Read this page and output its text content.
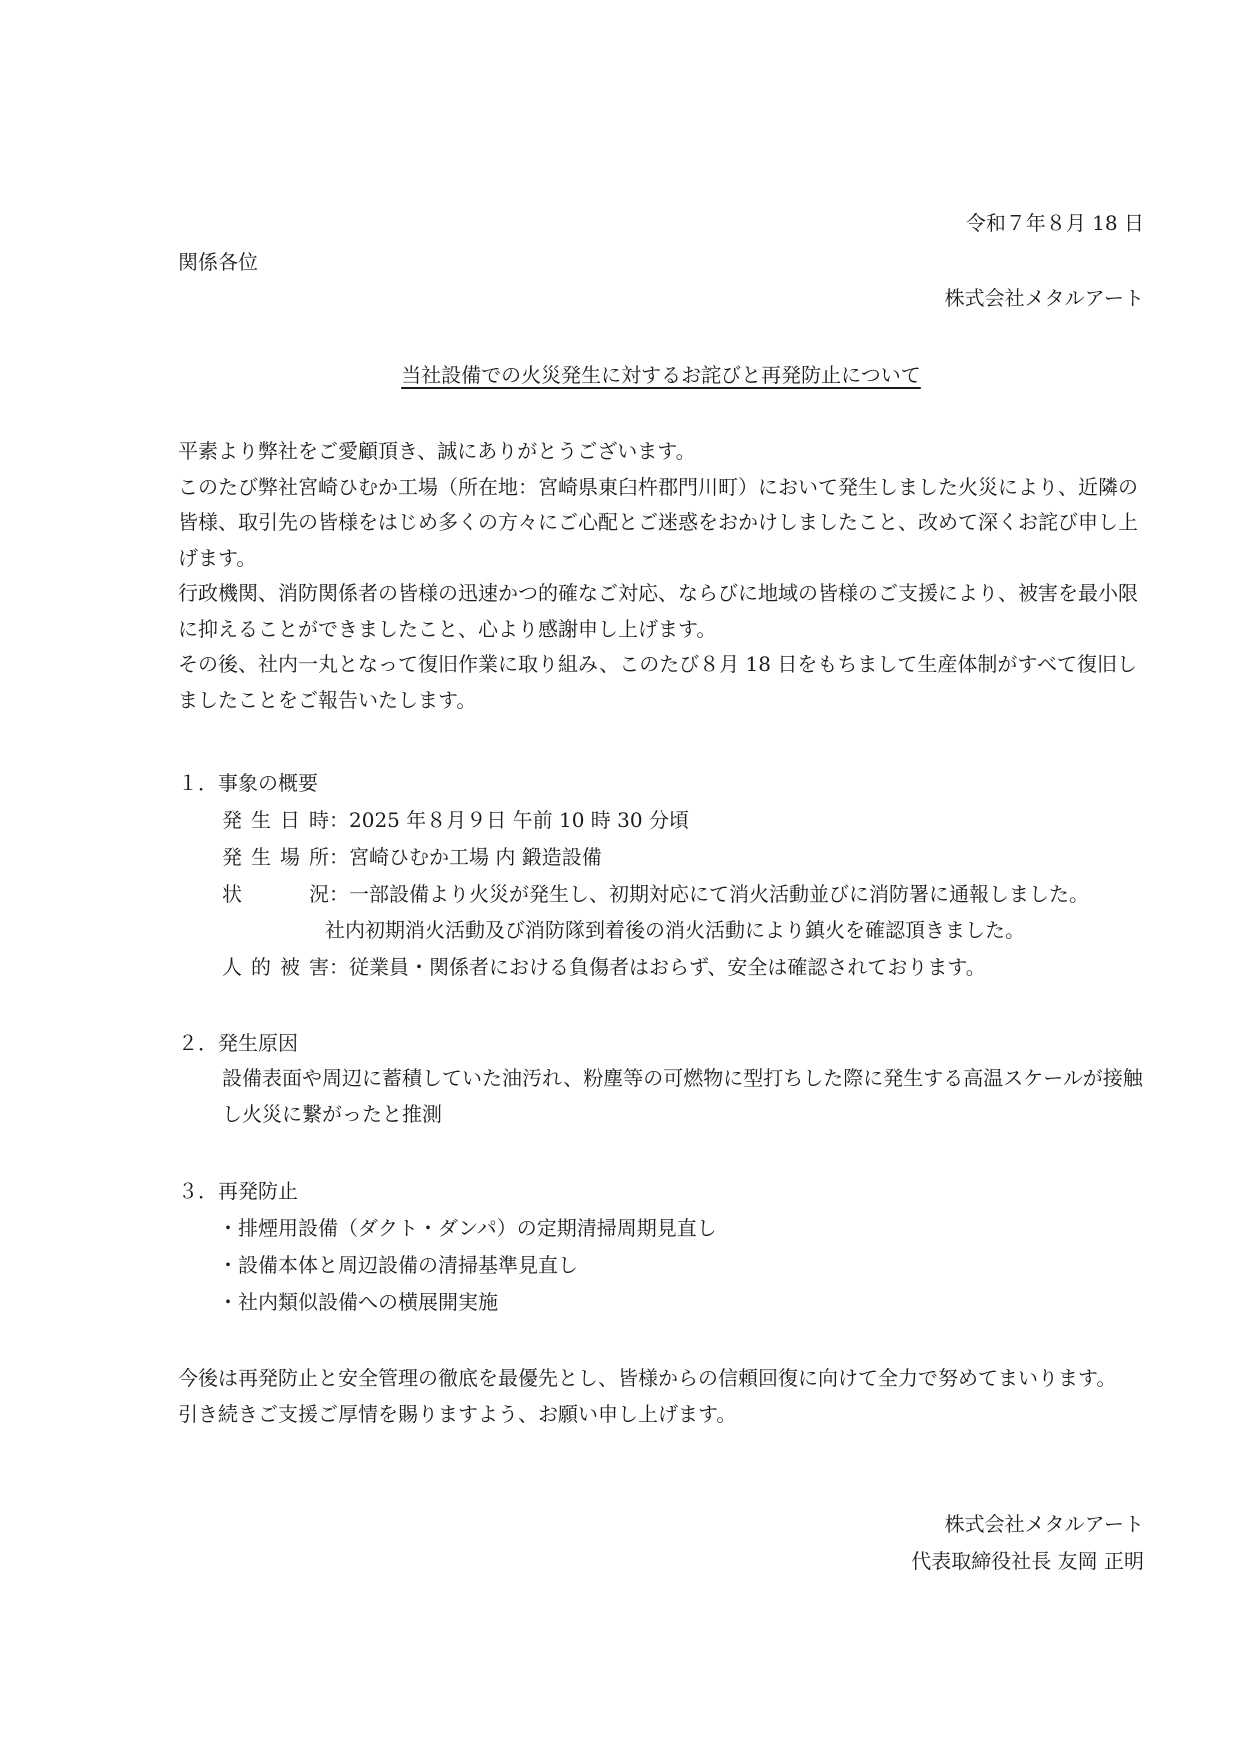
令和７年８月 18 日
関係各位
株式会社メタルアート
当社設備での火災発生に対するお詫びと再発防止について
平素より弊社をご愛顧頂き、誠にありがとうございます。
このたび弊社宮崎ひむか工場（所在地：宮崎県東臼杵郡門川町）において発生しました火災により、近隣の皆様、取引先の皆様をはじめ多くの方々にご心配とご迷惑をおかけしましたこと、改めて深くお詫び申し上げます。
行政機関、消防関係者の皆様の迅速かつ的確なご対応、ならびに地域の皆様のご支援により、被害を最小限に抑えることができましたこと、心より感謝申し上げます。
その後、社内一丸となって復旧作業に取り組み、このたび８月 18 日をもちまして生産体制がすべて復旧しましたことをご報告いたします。
１．事象の概要
発生日時：2025 年８月９日 午前 10 時 30 分頃
発生場所：宮崎ひむか工場 内 鍛造設備
状況：一部設備より火災が発生し、初期対応にて消火活動並びに消防署に通報しました。
社内初期消火活動及び消防隊到着後の消火活動により鎮火を確認頂きました。
人的被害：従業員・関係者における負傷者はおらず、安全は確認されております。
２．発生原因
設備表面や周辺に蓄積していた油汚れ、粉塵等の可燃物に型打ちした際に発生する高温スケールが接触し火災に繋がったと推測
３．再発防止
・排煙用設備（ダクト・ダンパ）の定期清掃周期見直し
・設備本体と周辺設備の清掃基準見直し
・社内類似設備への横展開実施
今後は再発防止と安全管理の徹底を最優先とし、皆様からの信頼回復に向けて全力で努めてまいります。
引き続きご支援ご厚情を賜りますよう、お願い申し上げます。
株式会社メタルアート
代表取締役社長 友岡 正明
